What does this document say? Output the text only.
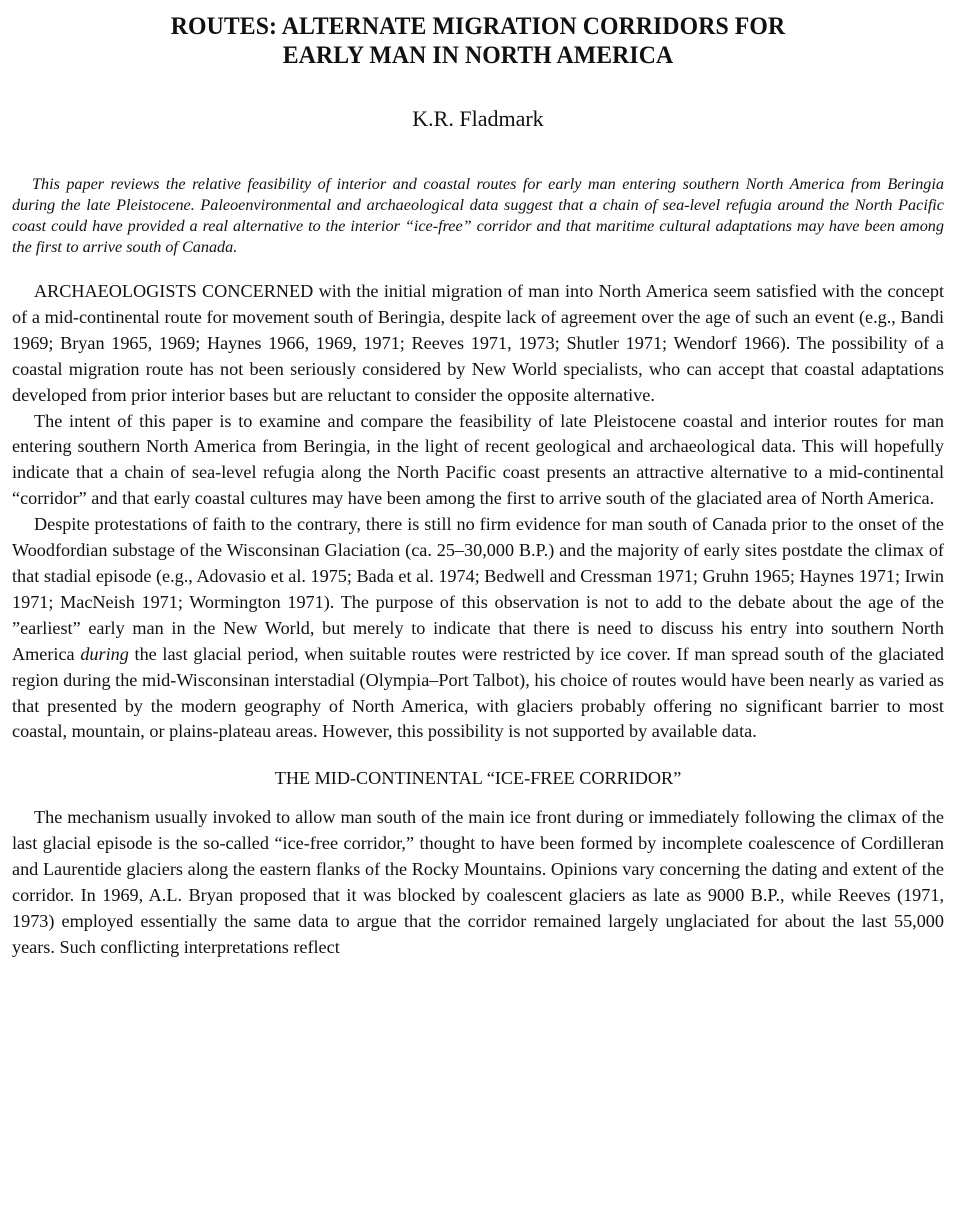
ROUTES: ALTERNATE MIGRATION CORRIDORS FOR
EARLY MAN IN NORTH AMERICA
K.R. Fladmark

This paper reviews the relative feasibility of interior and coastal routes for early man entering southern North America from Beringia during the late Pleistocene. Paleoenvironmental and archaeological data suggest that a chain of sea-level refugia around the North Pacific coast could have provided a real alternative to the interior “ice-free” corridor and that maritime cultural adaptations may have been among the first to arrive south of Canada.

ARCHAEOLOGISTS CONCERNED with the initial migration of man into North America seem satisfied with the concept of a mid-continental route for movement south of Beringia, despite lack of agreement over the age of such an event (e.g., Bandi 1969; Bryan 1965, 1969; Haynes 1966, 1969, 1971; Reeves 1971, 1973; Shutler 1971; Wendorf 1966). The possibility of a coastal migration route has not been seriously considered by New World specialists, who can accept that coastal adaptations developed from prior interior bases but are reluctant to consider the opposite alternative.

The intent of this paper is to examine and compare the feasibility of late Pleistocene coastal and interior routes for man entering southern North America from Beringia, in the light of recent geological and archaeological data. This will hopefully indicate that a chain of sea-level refugia along the North Pacific coast presents an attractive alternative to a mid-continental “corridor” and that early coastal cultures may have been among the first to arrive south of the glaciated area of North America.

Despite protestations of faith to the contrary, there is still no firm evidence for man south of Canada prior to the onset of the Woodfordian substage of the Wisconsinan Glaciation (ca. 25–30,000 B.P.) and the majority of early sites postdate the climax of that stadial episode (e.g., Adovasio et al. 1975; Bada et al. 1974; Bedwell and Cressman 1971; Gruhn 1965; Haynes 1971; Irwin 1971; MacNeish 1971; Wormington 1971). The purpose of this observation is not to add to the debate about the age of the ”earliest” early man in the New World, but merely to indicate that there is need to discuss his entry into southern North America during the last glacial period, when suitable routes were restricted by ice cover. If man spread south of the glaciated region during the mid-Wisconsinan interstadial (Olympia–Port Talbot), his choice of routes would have been nearly as varied as that presented by the modern geography of North America, with glaciers probably offering no significant barrier to most coastal, mountain, or plains-plateau areas. However, this possibility is not supported by available data.

THE MID-CONTINENTAL “ICE-FREE CORRIDOR”

The mechanism usually invoked to allow man south of the main ice front during or immediately following the climax of the last glacial episode is the so-called “ice-free corridor,” thought to have been formed by incomplete coalescence of Cordilleran and Laurentide glaciers along the eastern flanks of the Rocky Mountains. Opinions vary concerning the dating and extent of the corridor. In 1969, A.L. Bryan proposed that it was blocked by coalescent glaciers as late as 9000 B.P., while Reeves (1971, 1973) employed essentially the same data to argue that the corridor remained largely unglaciated for about the last 55,000 years. Such conflicting interpretations reflect
